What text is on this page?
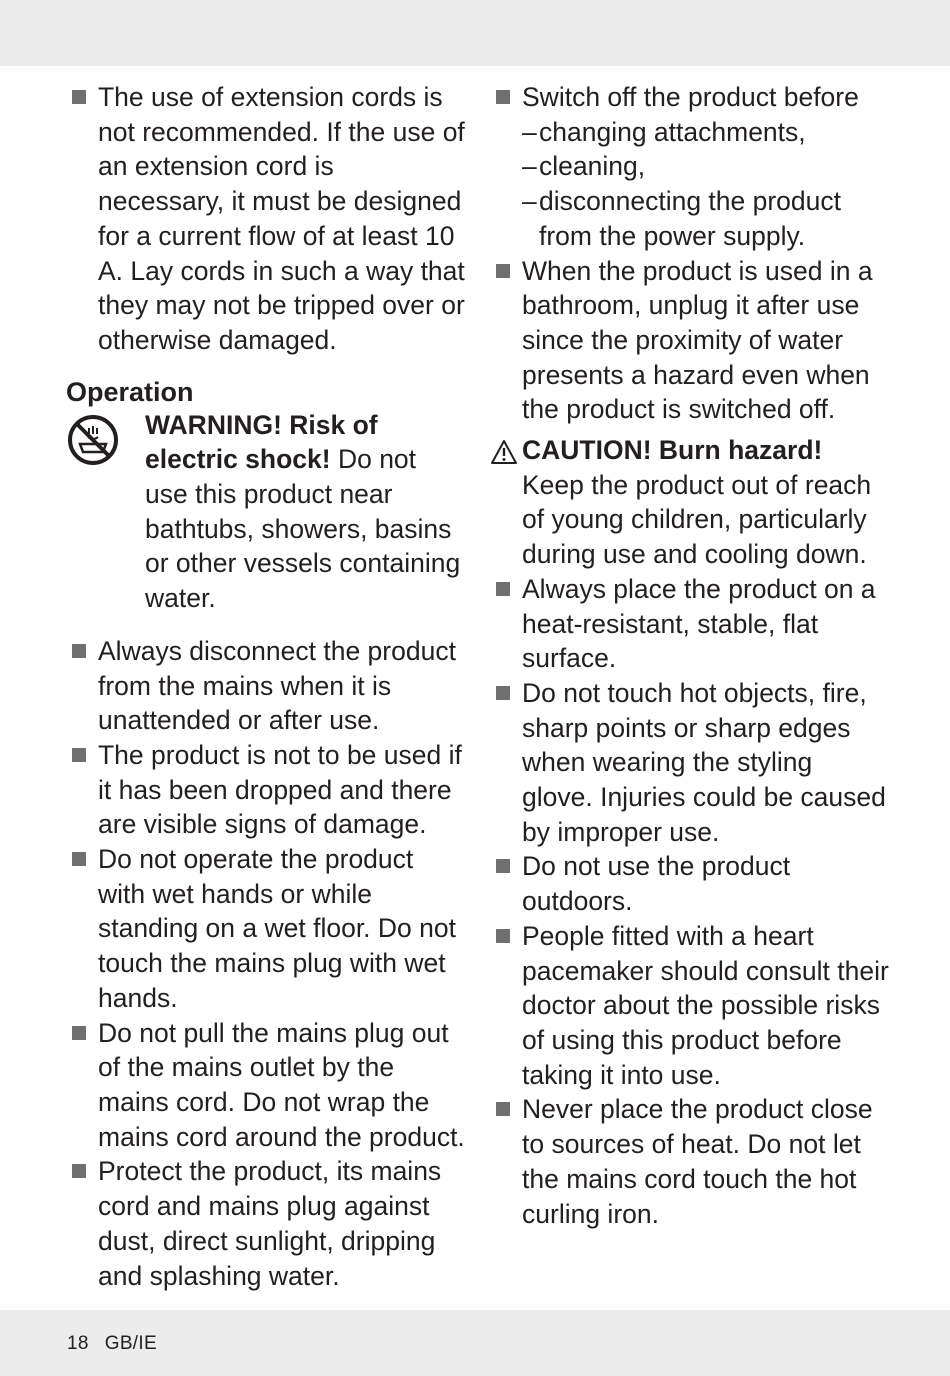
The use of extension cords is not recommended. If the use of an extension cord is necessary, it must be designed for a current flow of at least 10 A. Lay cords in such a way that they may not be tripped over or otherwise damaged.
Operation
WARNING! Risk of electric shock! Do not use this product near bathtubs, showers, basins or other vessels containing water.
Always disconnect the product from the mains when it is unattended or after use.
The product is not to be used if it has been dropped and there are visible signs of damage.
Do not operate the product with wet hands or while standing on a wet floor. Do not touch the mains plug with wet hands.
Do not pull the mains plug out of the mains outlet by the mains cord. Do not wrap the mains cord around the product.
Protect the product, its mains cord and mains plug against dust, direct sunlight, dripping and splashing water.
Switch off the product before
– changing attachments,
– cleaning,
– disconnecting the product from the power supply.
When the product is used in a bathroom, unplug it after use since the proximity of water presents a hazard even when the product is switched off.
CAUTION! Burn hazard!
Keep the product out of reach of young children, particularly during use and cooling down.
Always place the product on a heat-resistant, stable, flat surface.
Do not touch hot objects, fire, sharp points or sharp edges when wearing the styling glove. Injuries could be caused by improper use.
Do not use the product outdoors.
People fitted with a heart pacemaker should consult their doctor about the possible risks of using this product before taking it into use.
Never place the product close to sources of heat. Do not let the mains cord touch the hot curling iron.
18 GB/IE
